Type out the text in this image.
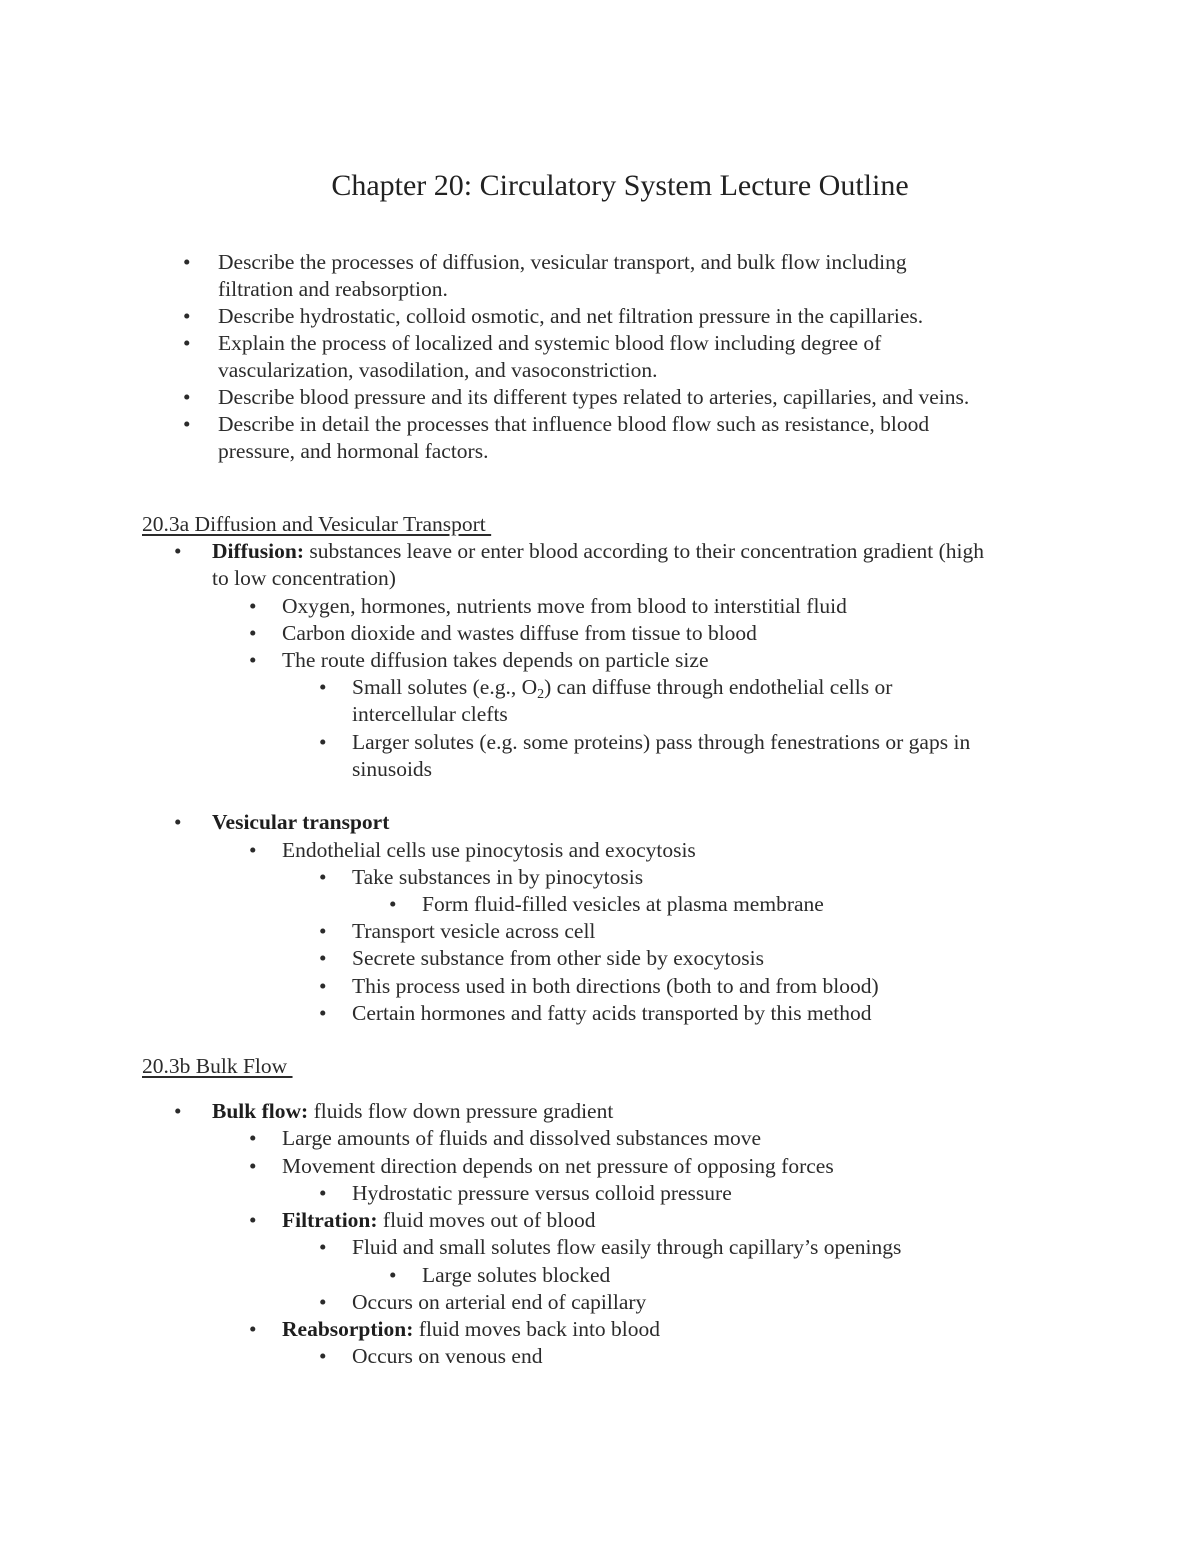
Chapter 20: Circulatory System Lecture Outline
• Describe the processes of diffusion, vesicular transport, and bulk flow including
filtration and reabsorption.
• Describe hydrostatic, colloid osmotic, and net filtration pressure in the capillaries.
• Explain the process of localized and systemic blood flow including degree of
vascularization, vasodilation, and vasoconstriction.
• Describe blood pressure and its different types related to arteries, capillaries, and veins.
• Describe in detail the processes that influence blood flow such as resistance, blood
pressure, and hormonal factors.
20.3a Diffusion and Vesicular Transport
• Diffusion: substances leave or enter blood according to their concentration gradient (high
to low concentration)
• Oxygen, hormones, nutrients move from blood to interstitial fluid
• Carbon dioxide and wastes diffuse from tissue to blood
• The route diffusion takes depends on particle size
• Small solutes (e.g., $O_2$) can diffuse through endothelial cells or
intercellular clefts
• Larger solutes (e.g. some proteins) pass through fenestrations or gaps in
sinusoids
• Vesicular transport
• Endothelial cells use pinocytosis and exocytosis
• Take substances in by pinocytosis
• Form fluid-filled vesicles at plasma membrane
• Transport vesicle across cell
• Secrete substance from other side by exocytosis
• This process used in both directions (both to and from blood)
• Certain hormones and fatty acids transported by this method
20.3b Bulk Flow
• Bulk flow: fluids flow down pressure gradient
• Large amounts of fluids and dissolved substances move
• Movement direction depends on net pressure of opposing forces
• Hydrostatic pressure versus colloid pressure
• Filtration: fluid moves out of blood
• Fluid and small solutes flow easily through capillary’s openings
• Large solutes blocked
• Occurs on arterial end of capillary
• Reabsorption: fluid moves back into blood
• Occurs on venous end
